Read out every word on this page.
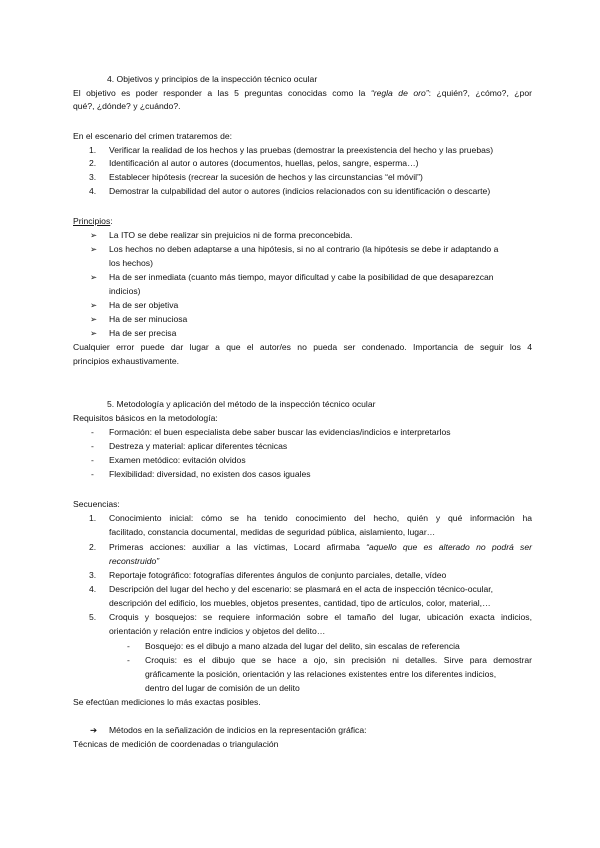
4. Objetivos y principios de la inspección técnico ocular
El objetivo es poder responder a las 5 preguntas conocidas como la “regla de oro”: ¿quién?, ¿cómo?, ¿por
qué?, ¿dónde? y ¿cuándo?.
En el escenario del crimen trataremos de:
1. Verificar la realidad de los hechos y las pruebas (demostrar la preexistencia del hecho y las pruebas)
2. Identificación al autor o autores (documentos, huellas, pelos, sangre, esperma…)
3. Establecer hipótesis (recrear la sucesión de hechos y las circunstancias “el móvil”)
4. Demostrar la culpabilidad del autor o autores (indicios relacionados con su identificación o descarte)
Principios:
➢ La ITO se debe realizar sin prejuicios ni de forma preconcebida.
➢ Los hechos no deben adaptarse a una hipótesis, si no al contrario (la hipótesis se debe ir adaptando a
los hechos)
➢ Ha de ser inmediata (cuanto más tiempo, mayor dificultad y cabe la posibilidad de que desaparezcan
indicios)
➢ Ha de ser objetiva
➢ Ha de ser minuciosa
➢ Ha de ser precisa
Cualquier error puede dar lugar a que el autor/es no pueda ser condenado. Importancia de seguir los 4
principios exhaustivamente.
5. Metodología y aplicación del método de la inspección técnico ocular
Requisitos básicos en la metodología:
- Formación: el buen especialista debe saber buscar las evidencias/indicios e interpretarlos
- Destreza y material: aplicar diferentes técnicas
- Examen metódico: evitación olvidos
- Flexibilidad: diversidad, no existen dos casos iguales
Secuencias:
1. Conocimiento inicial: cómo se ha tenido conocimiento del hecho, quién y qué información ha
facilitado, constancia documental, medidas de seguridad pública, aislamiento, lugar…
2. Primeras acciones: auxiliar a las víctimas, Locard afirmaba “aquello que es alterado no podrá ser
reconstruido”
3. Reportaje fotográfico: fotografías diferentes ángulos de conjunto parciales, detalle, vídeo
4. Descripción del lugar del hecho y del escenario: se plasmará en el acta de inspección técnico-ocular,
descripción del edificio, los muebles, objetos presentes, cantidad, tipo de artículos, color, material,…
5. Croquis y bosquejos: se requiere información sobre el tamaño del lugar, ubicación exacta indicios,
orientación y relación entre indicios y objetos del delito…
- Bosquejo: es el dibujo a mano alzada del lugar del delito, sin escalas de referencia
- Croquis: es el dibujo que se hace a ojo, sin precisión ni detalles. Sirve para demostrar
gráficamente la posición, orientación y las relaciones existentes entre los diferentes indicios,
dentro del lugar de comisión de un delito
Se efectúan mediciones lo más exactas posibles.
➔ Métodos en la señalización de indicios en la representación gráfica:
Técnicas de medición de coordenadas o triangulación
